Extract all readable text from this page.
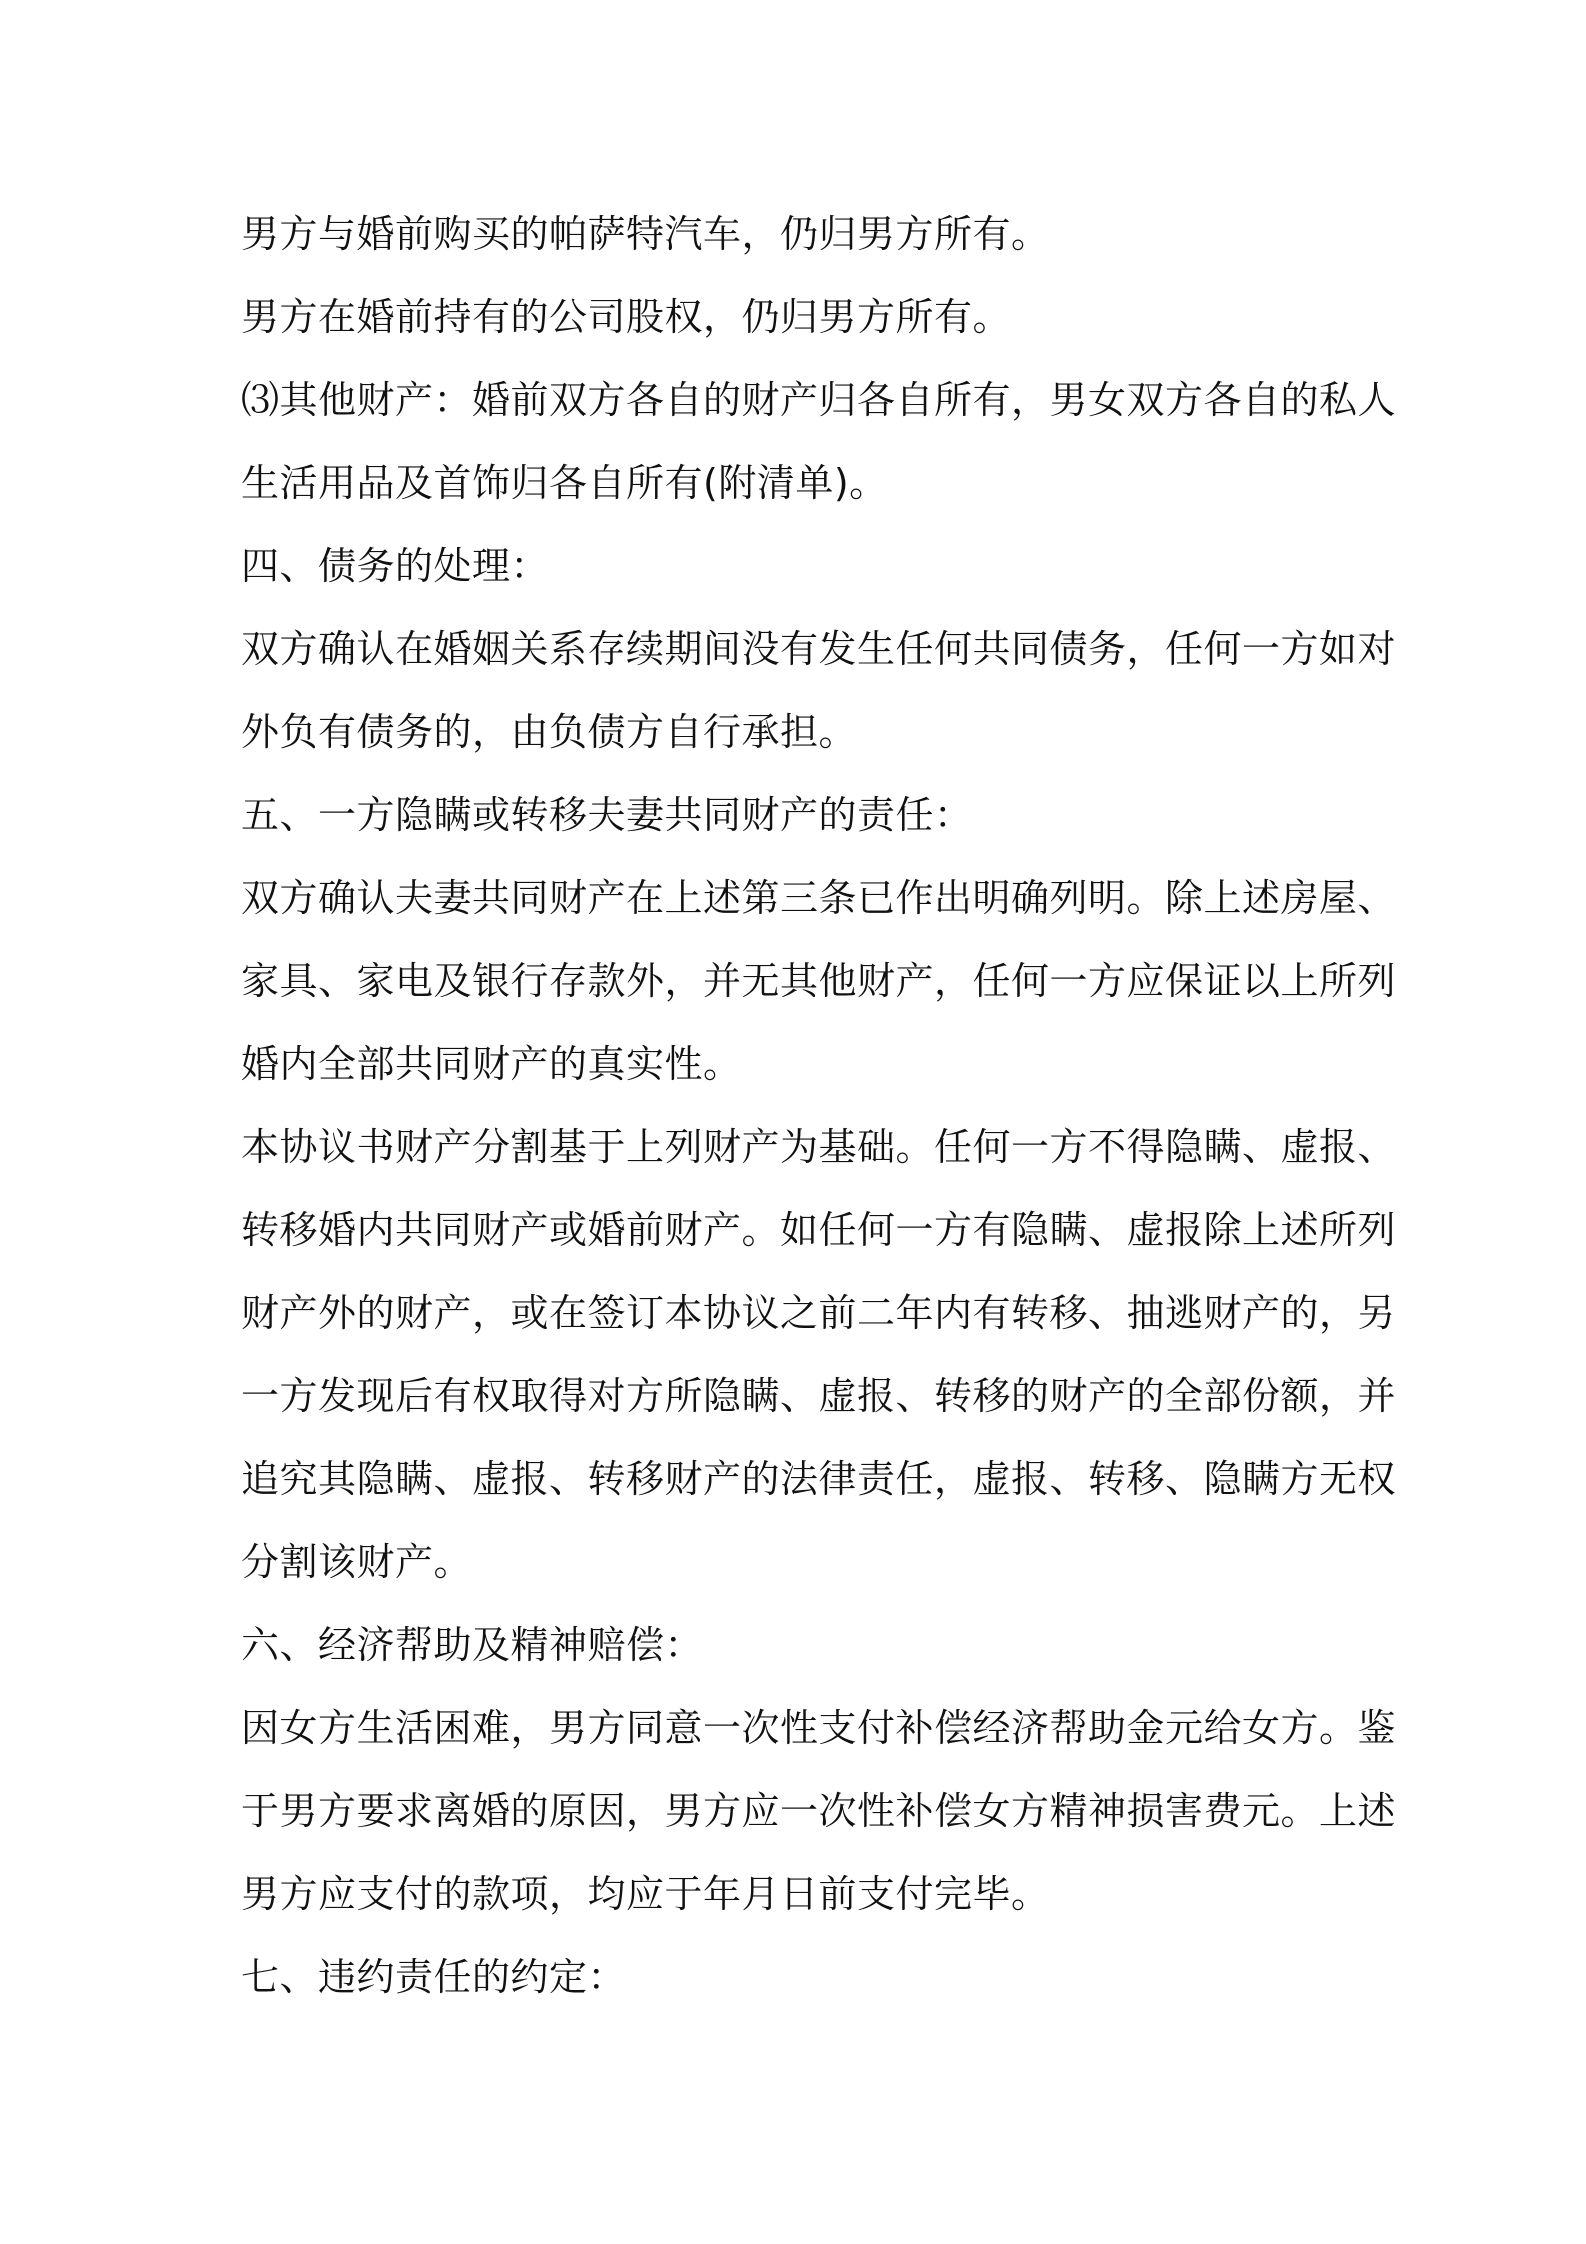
男方与婚前购买的帕萨特汽车，仍归男方所有。
男方在婚前持有的公司股权，仍归男方所有。
⑶其他财产：婚前双方各自的财产归各自所有，男女双方各自的私人
生活用品及首饰归各自所有(附清单)。
四、债务的处理：
双方确认在婚姻关系存续期间没有发生任何共同债务，任何一方如对
外负有债务的，由负债方自行承担。
五、一方隐瞒或转移夫妻共同财产的责任：
双方确认夫妻共同财产在上述第三条已作出明确列明。除上述房屋、
家具、家电及银行存款外，并无其他财产，任何一方应保证以上所列
婚内全部共同财产的真实性。
本协议书财产分割基于上列财产为基础。任何一方不得隐瞒、虚报、
转移婚内共同财产或婚前财产。如任何一方有隐瞒、虚报除上述所列
财产外的财产，或在签订本协议之前二年内有转移、抽逃财产的，另
一方发现后有权取得对方所隐瞒、虚报、转移的财产的全部份额，并
追究其隐瞒、虚报、转移财产的法律责任，虚报、转移、隐瞒方无权
分割该财产。
六、经济帮助及精神赔偿：
因女方生活困难，男方同意一次性支付补偿经济帮助金元给女方。鉴
于男方要求离婚的原因，男方应一次性补偿女方精神损害费元。上述
男方应支付的款项，均应于年月日前支付完毕。
七、违约责任的约定：
